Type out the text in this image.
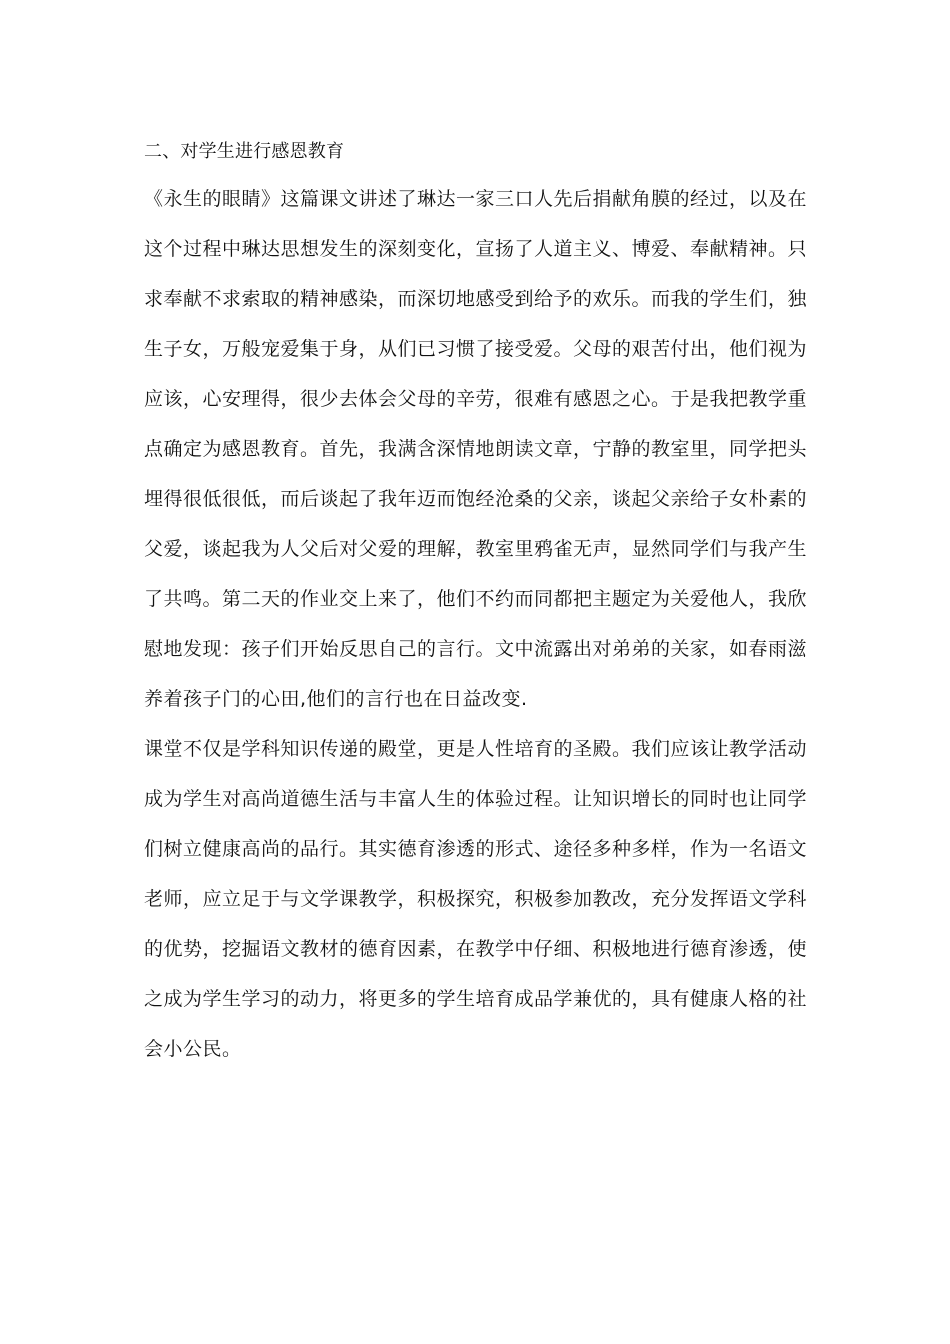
二、对学生进行感恩教育
《永生的眼睛》这篇课文讲述了琳达一家三口人先后捐献角膜的经过，以及在
这个过程中琳达思想发生的深刻变化，宣扬了人道主义、博爱、奉献精神。只
求奉献不求索取的精神感染，而深切地感受到给予的欢乐。而我的学生们，独
生子女，万般宠爱集于身，从们已习惯了接受爱。父母的艰苦付出，他们视为
应该，心安理得，很少去体会父母的辛劳，很难有感恩之心。于是我把教学重
点确定为感恩教育。首先，我满含深情地朗读文章，宁静的教室里，同学把头
埋得很低很低，而后谈起了我年迈而饱经沧桑的父亲，谈起父亲给子女朴素的
父爱，谈起我为人父后对父爱的理解，教室里鸦雀无声，显然同学们与我产生
了共鸣。第二天的作业交上来了，他们不约而同都把主题定为关爱他人，我欣
慰地发现：孩子们开始反思自己的言行。文中流露出对弟弟的关家，如春雨滋
养着孩子门的心田,他们的言行也在日益改变.
课堂不仅是学科知识传递的殿堂，更是人性培育的圣殿。我们应该让教学活动
成为学生对高尚道德生活与丰富人生的体验过程。让知识增长的同时也让同学
们树立健康高尚的品行。其实德育渗透的形式、途径多种多样，作为一名语文
老师，应立足于与文学课教学，积极探究，积极参加教改，充分发挥语文学科
的优势，挖掘语文教材的德育因素，在教学中仔细、积极地进行德育渗透，使
之成为学生学习的动力，将更多的学生培育成品学兼优的，具有健康人格的社
会小公民。
